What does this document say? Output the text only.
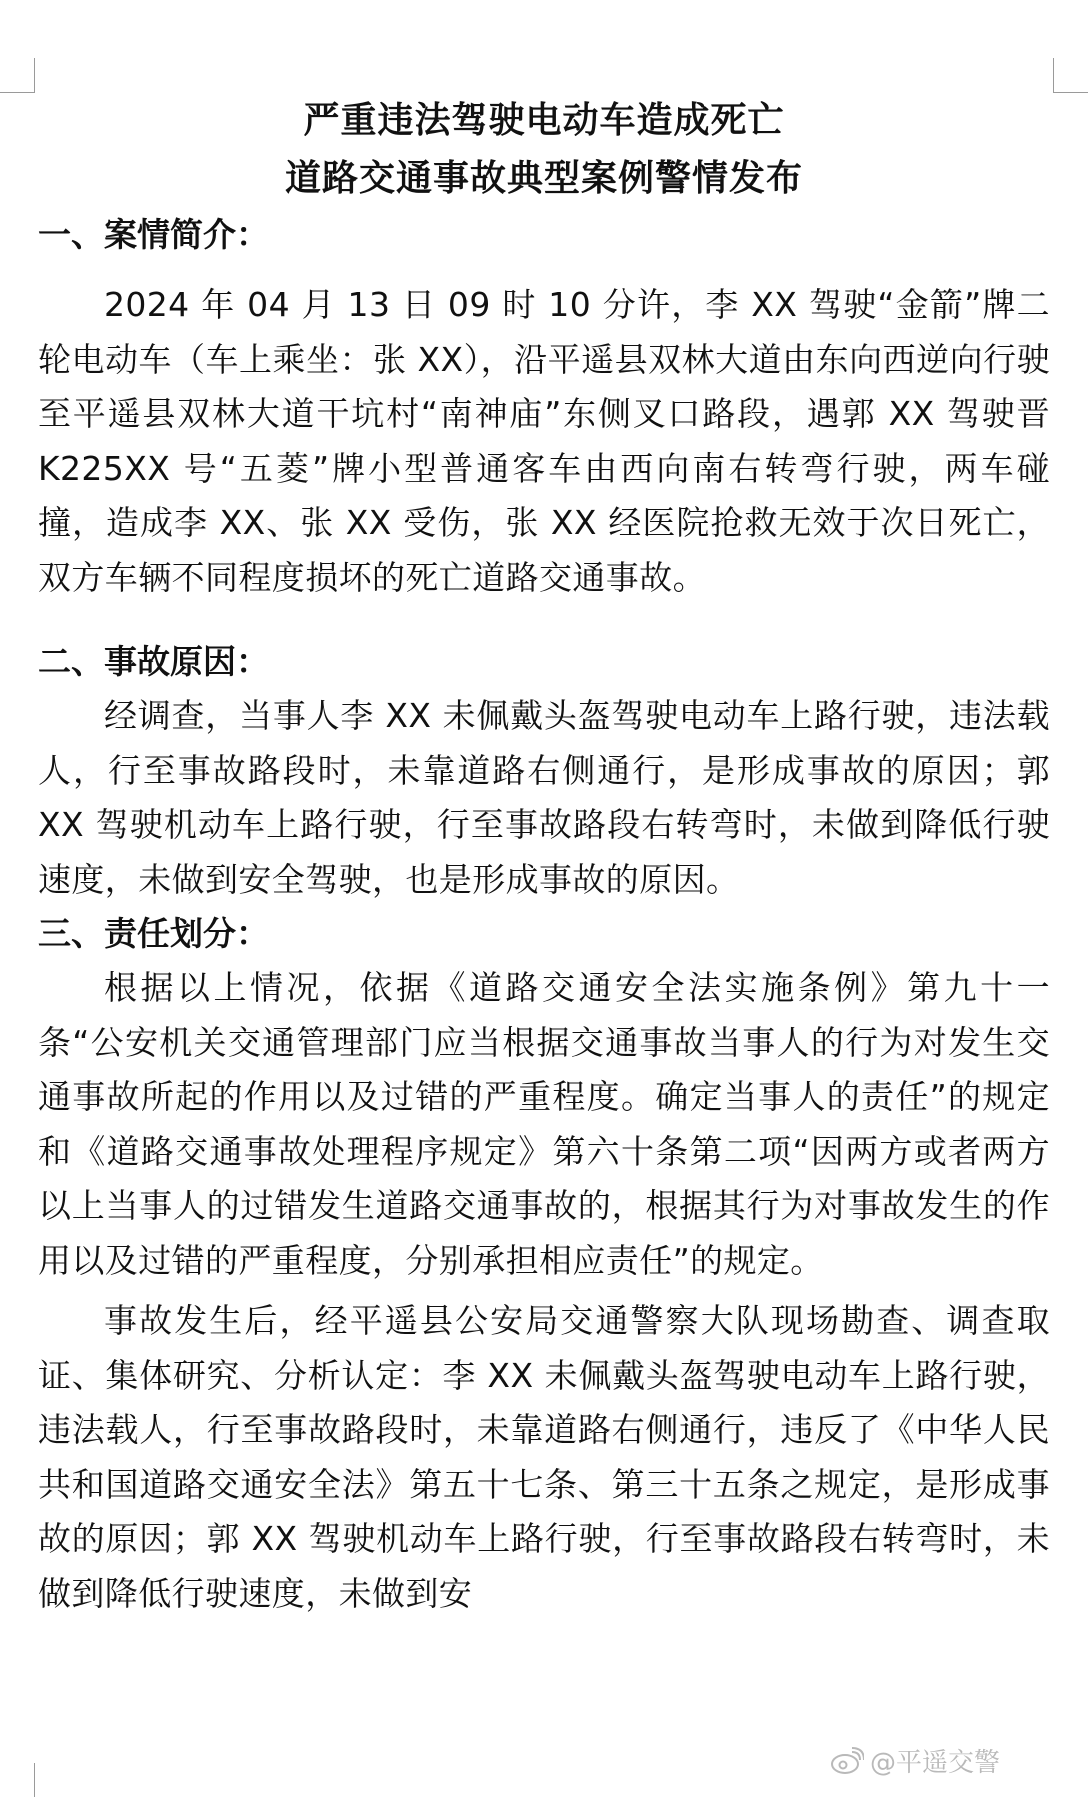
严重违法驾驶电动车造成死亡
道路交通事故典型案例警情发布
一、案情简介：

2024 年 04 月 13 日 09 时 10 分许，李 XX 驾驶“金箭”牌二轮电动车（车上乘坐：张 XX），沿平遥县双林大道由东向西逆向行驶至平遥县双林大道干坑村“南神庙”东侧叉口路段，遇郭 XX 驾驶晋 K225XX 号“五菱”牌小型普通客车由西向南右转弯行驶，两车碰撞，造成李 XX、张 XX 受伤，张 XX 经医院抢救无效于次日死亡，双方车辆不同程度损坏的死亡道路交通事故。

二、事故原因：

经调查，当事人李 XX 未佩戴头盔驾驶电动车上路行驶，违法载人，行至事故路段时，未靠道路右侧通行，是形成事故的原因；郭 XX 驾驶机动车上路行驶，行至事故路段右转弯时，未做到降低行驶速度，未做到安全驾驶，也是形成事故的原因。

三、责任划分：

根据以上情况，依据《道路交通安全法实施条例》第九十一条“公安机关交通管理部门应当根据交通事故当事人的行为对发生交通事故所起的作用以及过错的严重程度。确定当事人的责任”的规定和《道路交通事故处理程序规定》第六十条第二项“因两方或者两方以上当事人的过错发生道路交通事故的，根据其行为对事故发生的作用以及过错的严重程度，分别承担相应责任”的规定。

事故发生后，经平遥县公安局交通警察大队现场勘查、调查取证、集体研究、分析认定：李 XX 未佩戴头盔驾驶电动车上路行驶，违法载人，行至事故路段时，未靠道路右侧通行，违反了《中华人民共和国道路交通安全法》第五十七条、第三十五条之规定，是形成事故的原因；郭 XX 驾驶机动车上路行驶，行至事故路段右转弯时，未做到降低行驶速度，未做到安

@平遥交警
